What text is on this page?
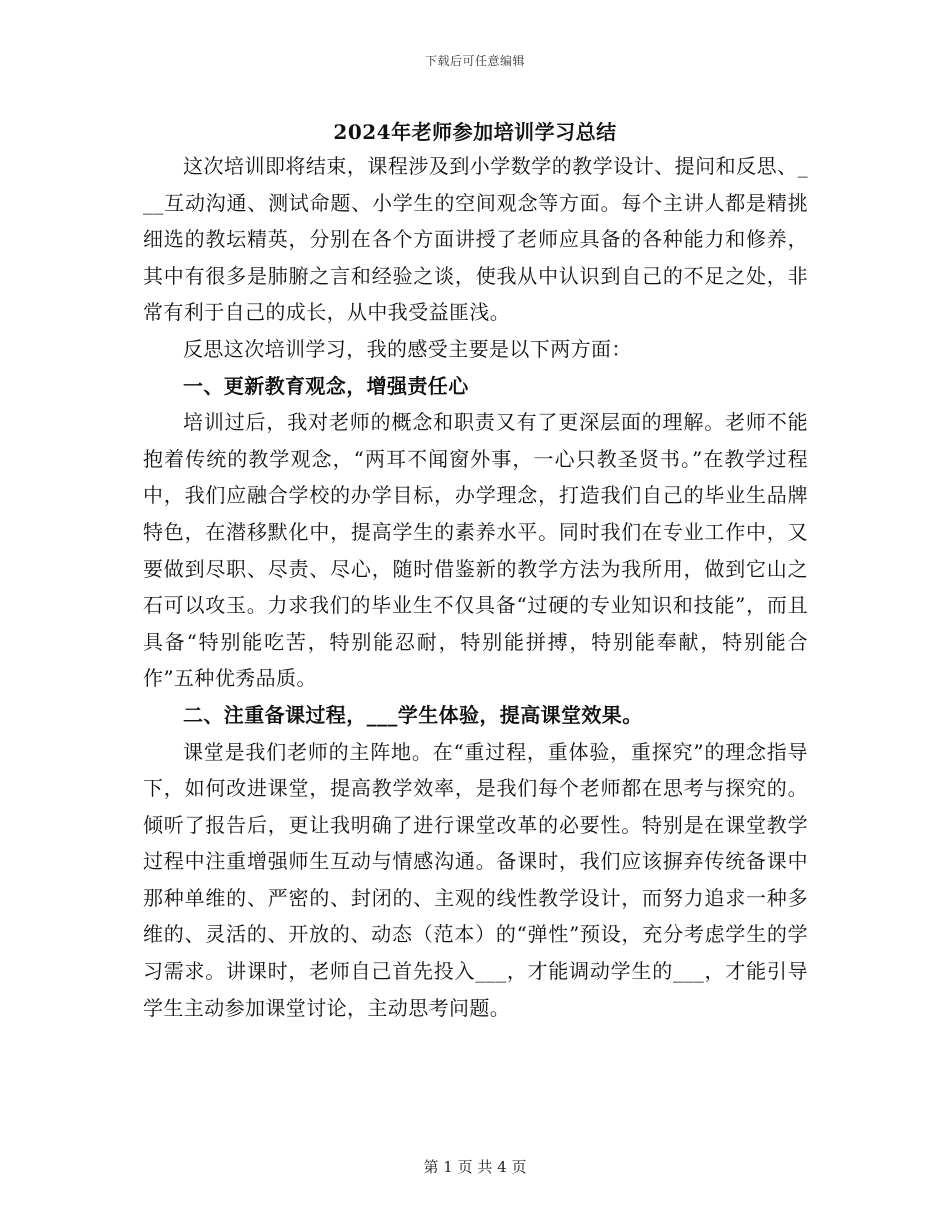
下载后可任意编辑
2024年老师参加培训学习总结

这次培训即将结束，课程涉及到小学数学的教学设计、提问和反思、___互动沟通、测试命题、小学生的空间观念等方面。每个主讲人都是精挑细选的教坛精英，分别在各个方面讲授了老师应具备的各种能力和修养，其中有很多是肺腑之言和经验之谈，使我从中认识到自己的不足之处，非常有利于自己的成长，从中我受益匪浅。

反思这次培训学习，我的感受主要是以下两方面：

一、更新教育观念，增强责任心

培训过后，我对老师的概念和职责又有了更深层面的理解。老师不能抱着传统的教学观念，“两耳不闻窗外事，一心只教圣贤书。”在教学过程中，我们应融合学校的办学目标，办学理念，打造我们自己的毕业生品牌特色，在潜移默化中，提高学生的素养水平。同时我们在专业工作中，又要做到尽职、尽责、尽心，随时借鉴新的教学方法为我所用，做到它山之石可以攻玉。力求我们的毕业生不仅具备“过硬的专业知识和技能”，而且具备“特别能吃苦，特别能忍耐，特别能拼搏，特别能奉献，特别能合作”五种优秀品质。

二、注重备课过程，___学生体验，提高课堂效果。

课堂是我们老师的主阵地。在“重过程，重体验，重探究”的理念指导下，如何改进课堂，提高教学效率，是我们每个老师都在思考与探究的。倾听了报告后，更让我明确了进行课堂改革的必要性。特别是在课堂教学过程中注重增强师生互动与情感沟通。备课时，我们应该摒弃传统备课中那种单维的、严密的、封闭的、主观的线性教学设计，而努力追求一种多维的、灵活的、开放的、动态（范本）的“弹性”预设，充分考虑学生的学习需求。讲课时，老师自己首先投入___，才能调动学生的___，才能引导学生主动参加课堂讨论，主动思考问题。

第 1 页 共 4 页
